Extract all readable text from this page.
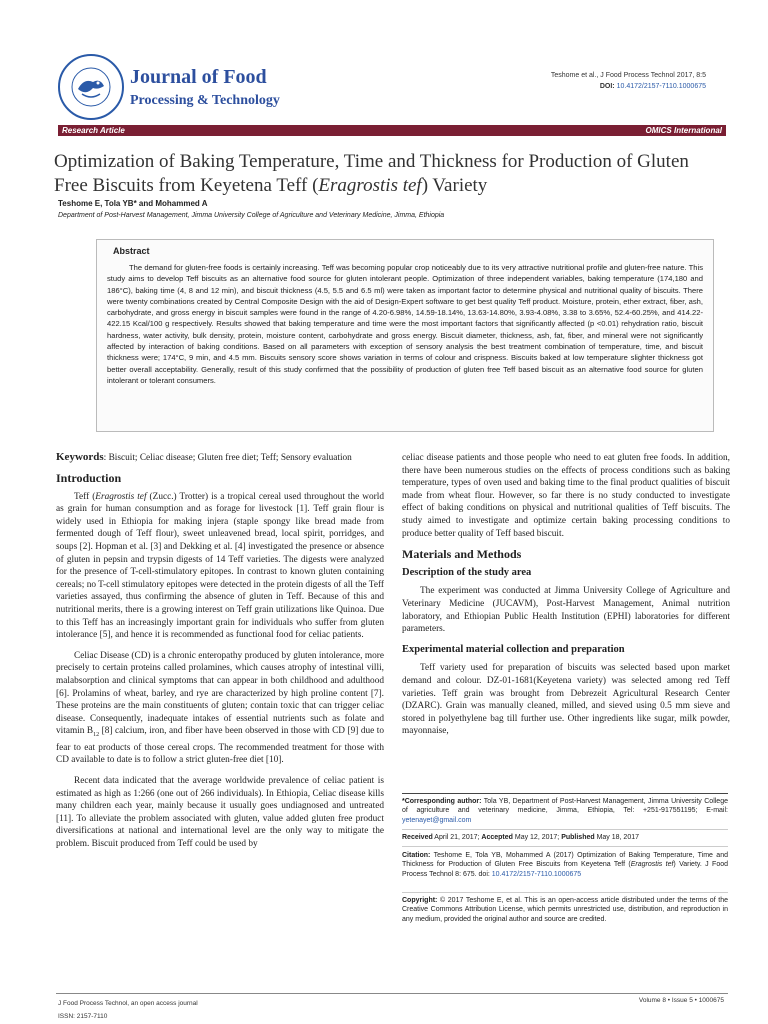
Journal of Food
Processing & Technology
Teshome et al., J Food Process Technol 2017, 8:5
DOI: 10.4172/2157-7110.1000675
Research Article	OMICS International
Optimization of Baking Temperature, Time and Thickness for Production of Gluten Free Biscuits from Keyetena Teff (Eragrostis tef) Variety
Teshome E, Tola YB* and Mohammed A
Department of Post-Harvest Management, Jimma University College of Agriculture and Veterinary Medicine, Jimma, Ethiopia
Abstract

The demand for gluten-free foods is certainly increasing. Teff was becoming popular crop noticeably due to its very attractive nutritional profile and gluten-free nature. This study aims to develop Teff biscuits as an alternative food source for gluten intolerant people. Optimization of three independent variables, baking temperature (174,180 and 186°C), baking time (4, 8 and 12 min), and biscuit thickness (4.5, 5.5 and 6.5 ml) were taken as important factor to determine physical and nutritional quality of biscuits. There were twenty combinations created by Central Composite Design with the aid of Design-Expert software to get best quality Teff product. Moisture, protein, ether extract, fiber, ash, carbohydrate, and gross energy in biscuit samples were found in the range of 4.20-6.98%, 14.59-18.14%, 13.63-14.80%, 3.93-4.08%, 3.38 to 3.65%, 52.4-60.25%, and 414.22-422.15 Kcal/100 g respectively. Results showed that baking temperature and time were the most important factors that significantly affected (p <0.01) rehydration ratio, biscuit hardness, water activity, bulk density, protein, moisture content, carbohydrate and gross energy. Biscuit diameter, thickness, ash, fat, fiber, and mineral were not significantly affected by interaction of baking conditions. Based on all parameters with exception of sensory analysis the best treatment combination of temperature, time, and biscuit thickness were; 174°C, 9 min, and 4.5 mm. Biscuits sensory score shows variation in terms of colour and crispness. Biscuits baked at low temperature slighter thickness got better overall acceptability. Generally, result of this study confirmed that the possibility of production of gluten free Teff based biscuit as an alternative food source for gluten intolerant or tolerant consumers.

Keywords: Biscuit; Celiac disease; Gluten free diet; Teff; Sensory evaluation

Introduction

Teff (Eragrostis tef (Zucc.) Trotter) is a tropical cereal used throughout the world as grain for human consumption and as forage for livestock [1]. Teff grain flour is widely used in Ethiopia for making injera (staple spongy like bread made from fermented dough of Teff flour), sweet unleavened bread, local spirit, porridges, and soups [2]. Hopman et al. [3] and Dekking et al. [4] investigated the presence or absence of gluten in pepsin and trypsin digests of 14 Teff varieties. The digests were analyzed for the presence of T-cell-stimulatory epitopes. In contrast to known gluten containing cereals; no T-cell stimulatory epitopes were detected in the protein digests of all the Teff varieties assayed, thus confirming the absence of gluten in Teff. Because of this and nutritional merits, there is a growing interest on Teff grain utilizations like Quinoa. Due to this Teff has an increasingly important grain for individuals who suffer from gluten intolerance [5], and hence it is recommended as functional food for celiac patients.

Celiac Disease (CD) is a chronic enteropathy produced by gluten intolerance, more precisely to certain proteins called prolamines, which causes atrophy of intestinal villi, malabsorption and clinical symptoms that can appear in both childhood and adulthood [6]. Prolamins of wheat, barley, and rye are characterized by high proline content [7]. These proteins are the main constituents of gluten; contain toxic that can trigger celiac disease. Consequently, inadequate intakes of essential nutrients such as folate and vitamin $B_{12}$ [8] calcium, iron, and fiber have been observed in those with CD [9] due to fear to eat products of those cereal crops. The recommended treatment for those with CD available to date is to follow a strict gluten-free diet [10].

Recent data indicated that the average worldwide prevalence of celiac patient is estimated as high as 1:266 (one out of 266 individuals). In Ethiopia, Celiac disease kills many children each year, mainly because it usually goes undiagnosed and untreated [11]. To alleviate the problem associated with gluten, value added gluten free product diversifications at national and international level are the only way to mitigate the problem. Biscuit produced from Teff could be used by

celiac disease patients and those people who need to eat gluten free foods. In addition, there have been numerous studies on the effects of process conditions such as baking temperature, types of oven used and baking time to the final product qualities of biscuit made from wheat flour. However, so far there is no study conducted to investigate effect of baking conditions on physical and nutritional qualities of Teff biscuits. The study aimed to investigate and optimize certain baking processing conditions to produce better quality of Teff based biscuit.

Materials and Methods
Description of the study area

The experiment was conducted at Jimma University College of Agriculture and Veterinary Medicine (JUCAVM), Post-Harvest Management, Animal nutrition laboratory, and Ethiopian Public Health Institution (EPHI) laboratories for different parameters.

Experimental material collection and preparation

Teff variety used for preparation of biscuits was selected based upon market demand and colour. DZ-01-1681(Keyetena variety) was selected among red Teff varieties. Teff grain was brought from Debrezeit Agricultural Research Center (DZARC). Grain was manually cleaned, milled, and sieved using 0.5 mm sieve and stored in polyethylene bag till further use. Other ingredients like sugar, milk powder, mayonnaise,

*Corresponding author: Tola YB, Department of Post-Harvest Management, Jimma University College of agriculture and veterinary medicine, Jimma, Ethiopia, Tel: +251-917551195; E-mail: yetenayet@gmail.com
Received April 21, 2017; Accepted May 12, 2017; Published May 18, 2017
Citation: Teshome E, Tola YB, Mohammed A (2017) Optimization of Baking Temperature, Time and Thickness for Production of Gluten Free Biscuits from Keyetena Teff (Eragrostis tef) Variety. J Food Process Technol 8: 675. doi: 10.4172/2157-7110.1000675
Copyright: © 2017 Teshome E, et al. This is an open-access article distributed under the terms of the Creative Commons Attribution License, which permits unrestricted use, distribution, and reproduction in any medium, provided the original author and source are credited.
J Food Process Technol, an open access journal
ISSN: 2157-7110
Volume 8 • Issue 5 • 1000675
